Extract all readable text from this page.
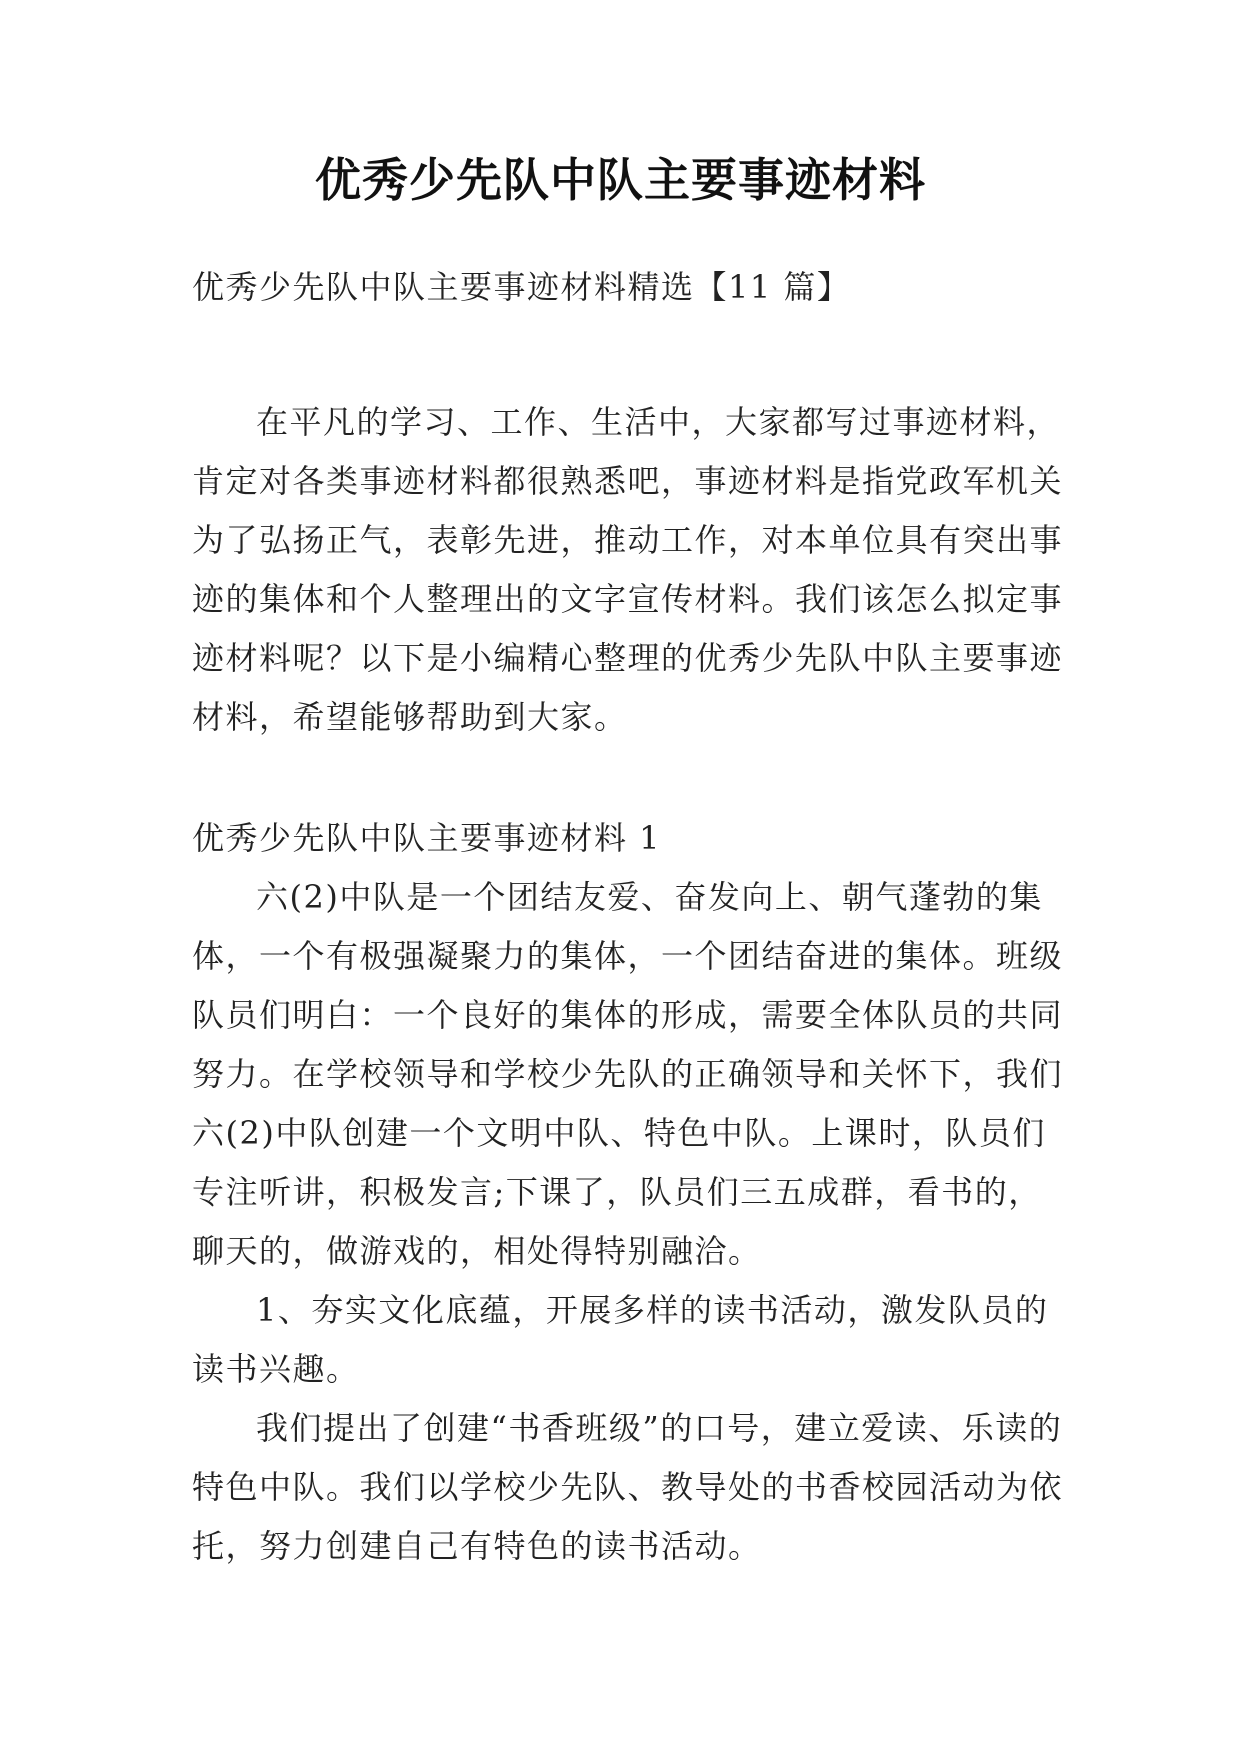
优秀少先队中队主要事迹材料

优秀少先队中队主要事迹材料精选【11 篇】

在平凡的学习、工作、生活中，大家都写过事迹材料，肯定对各类事迹材料都很熟悉吧，事迹材料是指党政军机关为了弘扬正气，表彰先进，推动工作，对本单位具有突出事迹的集体和个人整理出的文字宣传材料。我们该怎么拟定事迹材料呢？以下是小编精心整理的优秀少先队中队主要事迹材料，希望能够帮助到大家。

优秀少先队中队主要事迹材料 1

六(2)中队是一个团结友爱、奋发向上、朝气蓬勃的集体，一个有极强凝聚力的集体，一个团结奋进的集体。班级队员们明白：一个良好的集体的形成，需要全体队员的共同努力。在学校领导和学校少先队的正确领导和关怀下，我们六(2)中队创建一个文明中队、特色中队。上课时，队员们专注听讲，积极发言;下课了，队员们三五成群，看书的，聊天的，做游戏的，相处得特别融洽。

1、夯实文化底蕴，开展多样的读书活动，激发队员的读书兴趣。

我们提出了创建“书香班级”的口号，建立爱读、乐读的特色中队。我们以学校少先队、教导处的书香校园活动为依托，努力创建自己有特色的读书活动。
